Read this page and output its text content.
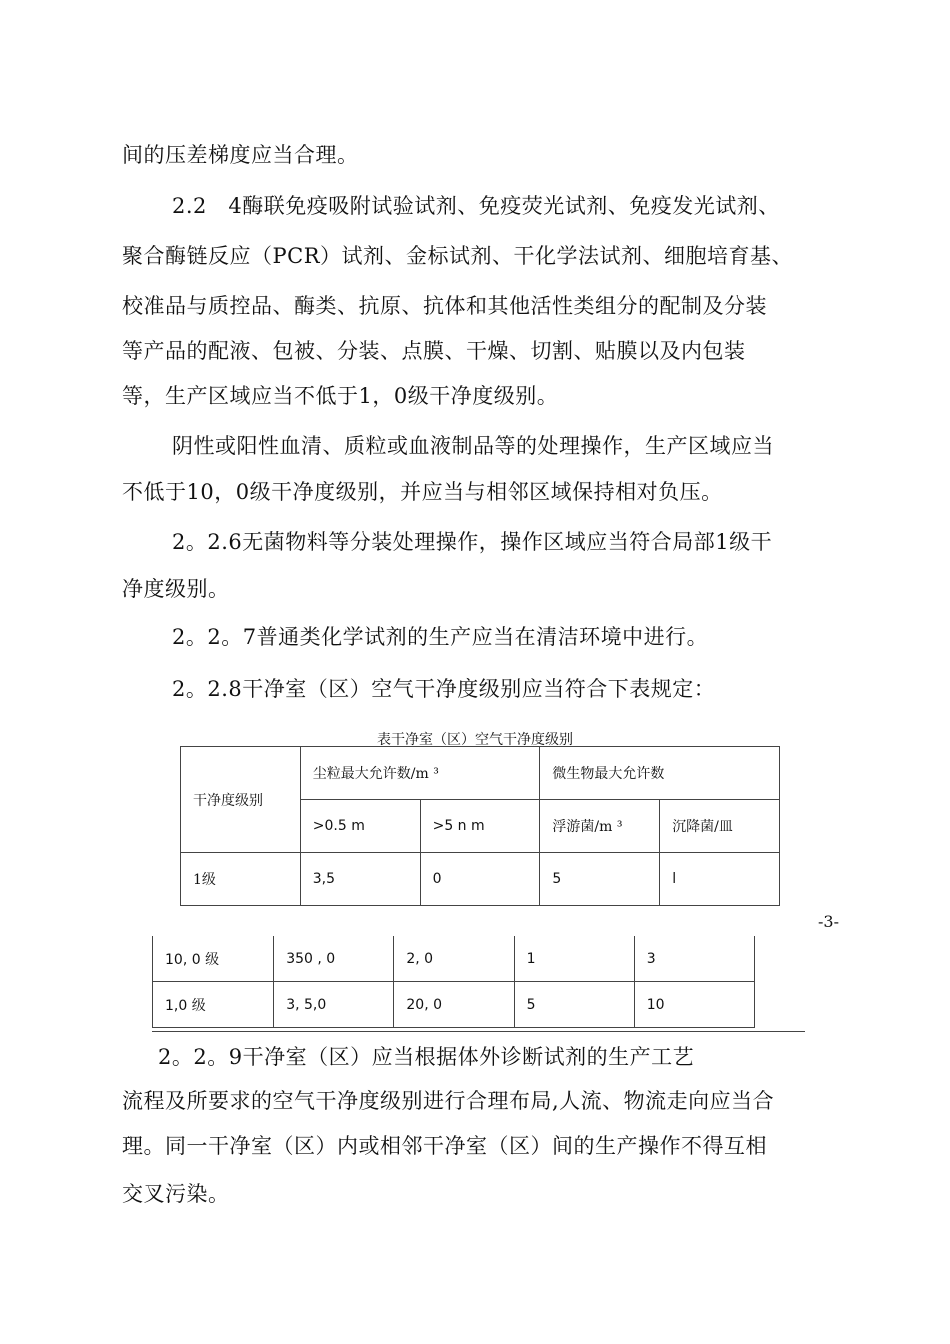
间的压差梯度应当合理。
2.2　4酶联免疫吸附试验试剂、免疫荧光试剂、免疫发光试剂、
聚合酶链反应（PCR）试剂、金标试剂、干化学法试剂、细胞培育基、
校准品与质控品、酶类、抗原、抗体和其他活性类组分的配制及分装
等产品的配液、包被、分装、点膜、干燥、切割、贴膜以及内包装
等，生产区域应当不低于1，0级干净度级别。
阴性或阳性血清、质粒或血液制品等的处理操作，生产区域应当
不低于10，0级干净度级别，并应当与相邻区域保持相对负压。
2。2.6无菌物料等分装处理操作，操作区域应当符合局部1级干
净度级别。
2。2。7普通类化学试剂的生产应当在清洁环境中进行。
2。2.8干净室（区）空气干净度级别应当符合下表规定：
表干净室（区）空气干净度级别
干净度级别	尘粒最大允许数/m ³		微生物最大允许数	
	>0.5 m	>5 n m	浮游菌/m ³	沉降菌/皿
1级	3,5	0	5	l
-3-
10, 0 级	350 , 0	2, 0	1	3
1,0 级	3, 5,0	20, 0	5	10
2。2。9干净室（区）应当根据体外诊断试剂的生产工艺
流程及所要求的空气干净度级别进行合理布局,人流、物流走向应当合
理。同一干净室（区）内或相邻干净室（区）间的生产操作不得互相
交叉污染。
